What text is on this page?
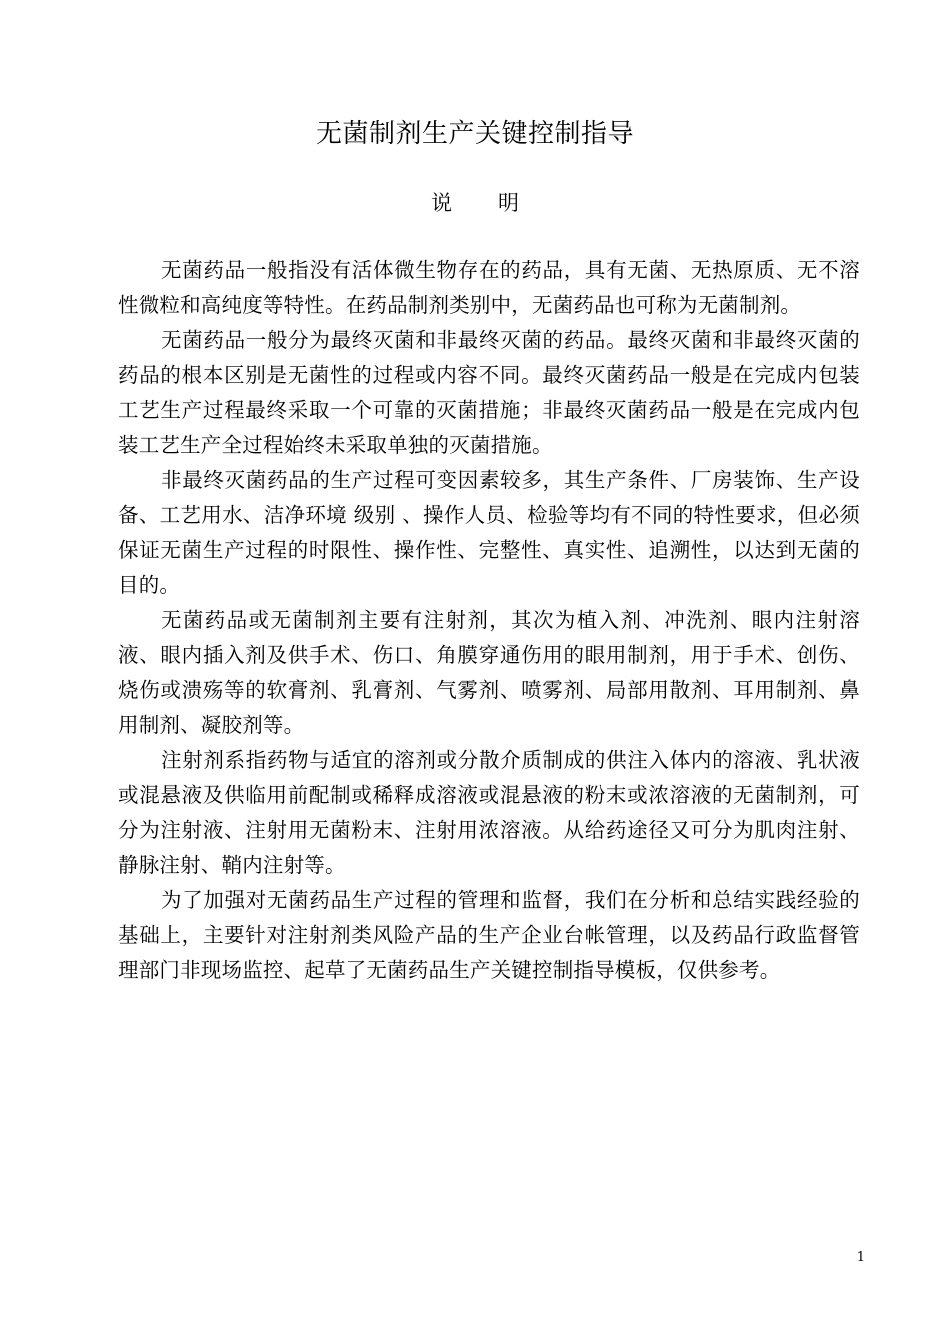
无菌制剂生产关键控制指导
说 明

无菌药品一般指没有活体微生物存在的药品，具有无菌、无热原质、无不溶性微粒和高纯度等特性。在药品制剂类别中，无菌药品也可称为无菌制剂。

无菌药品一般分为最终灭菌和非最终灭菌的药品。最终灭菌和非最终灭菌的药品的根本区别是无菌性的过程或内容不同。最终灭菌药品一般是在完成内包装工艺生产过程最终采取一个可靠的灭菌措施；非最终灭菌药品一般是在完成内包装工艺生产全过程始终未采取单独的灭菌措施。

非最终灭菌药品的生产过程可变因素较多，其生产条件、厂房装饰、生产设备、工艺用水、洁净环境 级别 、操作人员、检验等均有不同的特性要求，但必须保证无菌生产过程的时限性、操作性、完整性、真实性、追溯性，以达到无菌的目的。

无菌药品或无菌制剂主要有注射剂，其次为植入剂、冲洗剂、眼内注射溶液、眼内插入剂及供手术、伤口、角膜穿通伤用的眼用制剂，用于手术、创伤、烧伤或溃殇等的软膏剂、乳膏剂、气雾剂、喷雾剂、局部用散剂、耳用制剂、鼻用制剂、凝胶剂等。

注射剂系指药物与适宜的溶剂或分散介质制成的供注入体内的溶液、乳状液或混悬液及供临用前配制或稀释成溶液或混悬液的粉末或浓溶液的无菌制剂，可分为注射液、注射用无菌粉末、注射用浓溶液。从给药途径又可分为肌肉注射、静脉注射、鞘内注射等。

为了加强对无菌药品生产过程的管理和监督，我们在分析和总结实践经验的基础上，主要针对注射剂类风险产品的生产企业台帐管理，以及药品行政监督管理部门非现场监控、起草了无菌药品生产关键控制指导模板，仅供参考。

1
